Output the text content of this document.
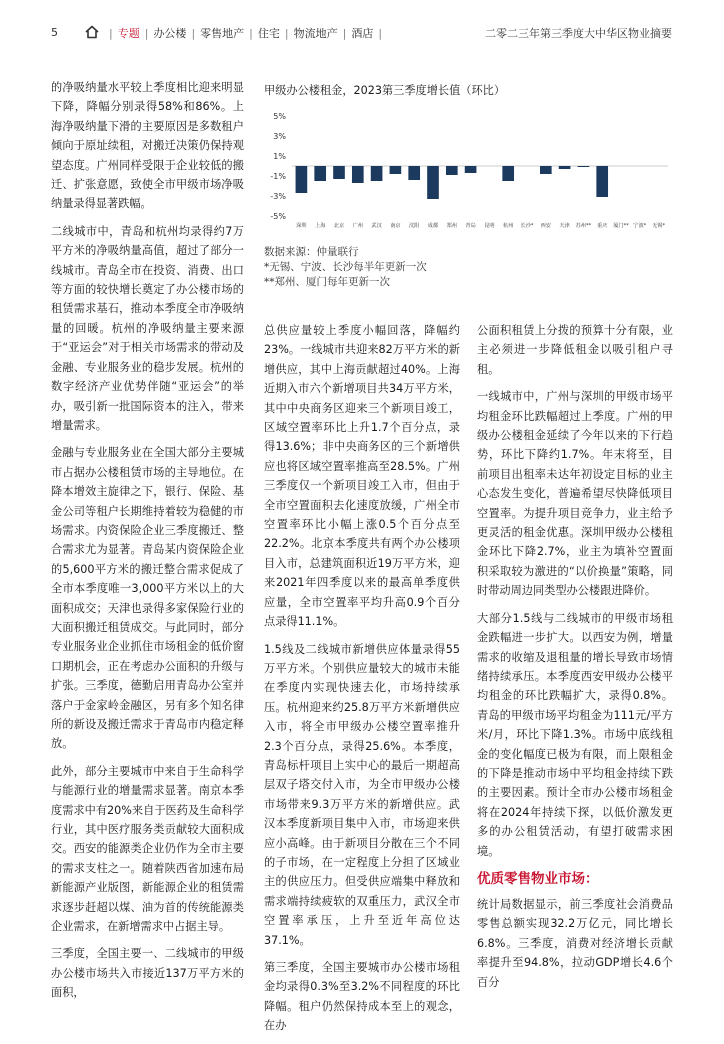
5	| 专题 | 办公楼 | 零售地产 | 住宅 | 物流地产 | 酒店 |	二零二三年第三季度大中华区物业摘要

的净吸纳量水平较上季度相比迎来明显下降，降幅分别录得58%和86%。上海净吸纳量下滑的主要原因是多数租户倾向于原址续租，对搬迁决策仍保持观望态度。广州同样受限于企业较低的搬迁、扩张意愿，致使全市甲级市场净吸纳量录得显著跌幅。

二线城市中，青岛和杭州均录得约7万平方米的净吸纳量高值，超过了部分一线城市。青岛全市在投资、消费、出口等方面的较快增长奠定了办公楼市场的租赁需求基石，推动本季度全市净吸纳量的回暖。杭州的净吸纳量主要来源于“亚运会”对于相关市场需求的带动及金融、专业服务业的稳步发展。杭州的数字经济产业优势伴随“亚运会”的举办，吸引新一批国际资本的注入，带来增量需求。

金融与专业服务业在全国大部分主要城市占据办公楼租赁市场的主导地位。在降本增效主旋律之下，银行、保险、基金公司等租户长期维持着较为稳健的市场需求。内资保险企业三季度搬迁、整合需求尤为显著。青岛某内资保险企业的5,600平方米的搬迁整合需求促成了全市本季度唯一3,000平方米以上的大面积成交；天津也录得多家保险行业的大面积搬迁租赁成交。与此同时，部分专业服务业企业抓住市场租金的低价窗口期机会，正在考虑办公面积的升级与扩张。三季度，德勤启用青岛办公室并落户于金家岭金融区，另有多个知名律所的新设及搬迁需求于青岛市内稳定释放。

此外，部分主要城市中来自于生命科学与能源行业的增量需求显著。南京本季度需求中有20%来自于医药及生命科学行业，其中医疗服务类贡献较大面积成交。西安的能源类企业仍作为全市主要的需求支柱之一。随着陕西省加速布局新能源产业版图，新能源企业的租赁需求逐步赶超以煤、油为首的传统能源类企业需求，在新增需求中占据主导。

三季度，全国主要一、二线城市的甲级办公楼市场共入市接近137万平方米的面积，

甲级办公楼租金，2023第三季度增长值（环比）
5%
3%
1%
-1%
-3%
-5%
深圳 上海 北京 广州 武汉 南京 沈阳 成都 郑州 青岛 昆明 杭州 长沙* 西安 天津 苏州** 重庆 厦门** 宁波* 无锡*
数据来源：仲量联行
*无锡、宁波、长沙每半年更新一次
**郑州、厦门每年更新一次

总供应量较上季度小幅回落，降幅约23%。一线城市共迎来82万平方米的新增供应，其中上海贡献超过40%。上海近期入市六个新增项目共34万平方米，其中中央商务区迎来三个新项目竣工，区域空置率环比上升1.7个百分点，录得13.6%；非中央商务区的三个新增供应也将区域空置率推高至28.5%。广州三季度仅一个新项目竣工入市，但由于全市空置面积去化速度放缓，广州全市空置率环比小幅上涨0.5个百分点至22.2%。北京本季度共有两个办公楼项目入市，总建筑面积近19万平方米，迎来2021年四季度以来的最高单季度供应量，全市空置率平均升高0.9个百分点录得11.1%。

1.5线及二线城市新增供应体量录得55万平方米。个别供应量较大的城市未能在季度内实现快速去化，市场持续承压。杭州迎来约25.8万平方米新增供应入市，将全市甲级办公楼空置率推升2.3个百分点，录得25.6%。本季度，青岛标杆项目上实中心的最后一期超高层双子塔交付入市，为全市甲级办公楼市场带来9.3万平方米的新增供应。武汉本季度新项目集中入市，市场迎来供应小高峰。由于新项目分散在三个不同的子市场，在一定程度上分担了区域业主的供应压力。但受供应端集中释放和需求端持续疲软的双重压力，武汉全市空置率承压，上升至近年高位达37.1%。

第三季度，全国主要城市办公楼市场租金均录得0.3%至3.2%不同程度的环比降幅。租户仍然保持成本至上的观念，在办

公面积租赁上分拨的预算十分有限，业主必须进一步降低租金以吸引租户寻租。

一线城市中，广州与深圳的甲级市场平均租金环比跌幅超过上季度。广州的甲级办公楼租金延续了今年以来的下行趋势，环比下降约1.7%。年末将至，目前项目出租率未达年初设定目标的业主心态发生变化，普遍希望尽快降低项目空置率。为提升项目竞争力，业主给予更灵活的租金优惠。深圳甲级办公楼租金环比下降2.7%，业主为填补空置面积采取较为激进的“以价换量”策略，同时带动周边同类型办公楼跟进降价。

大部分1.5线与二线城市的甲级市场租金跌幅进一步扩大。以西安为例，增量需求的收缩及退租量的增长导致市场情绪持续承压。本季度西安甲级办公楼平均租金的环比跌幅扩大，录得0.8%。青岛的甲级市场平均租金为111元/平方米/月，环比下降1.3%。市场中底线租金的变化幅度已极为有限，而上限租金的下降是推动市场中平均租金持续下跌的主要因素。预计全市办公楼市场租金将在2024年持续下探，以低价激发更多的办公租赁活动，有望打破需求困境。

优质零售物业市场：

统计局数据显示，前三季度社会消费品零售总额实现32.2万亿元，同比增长6.8%。三季度，消费对经济增长贡献率提升至94.8%，拉动GDP增长4.6个百分
